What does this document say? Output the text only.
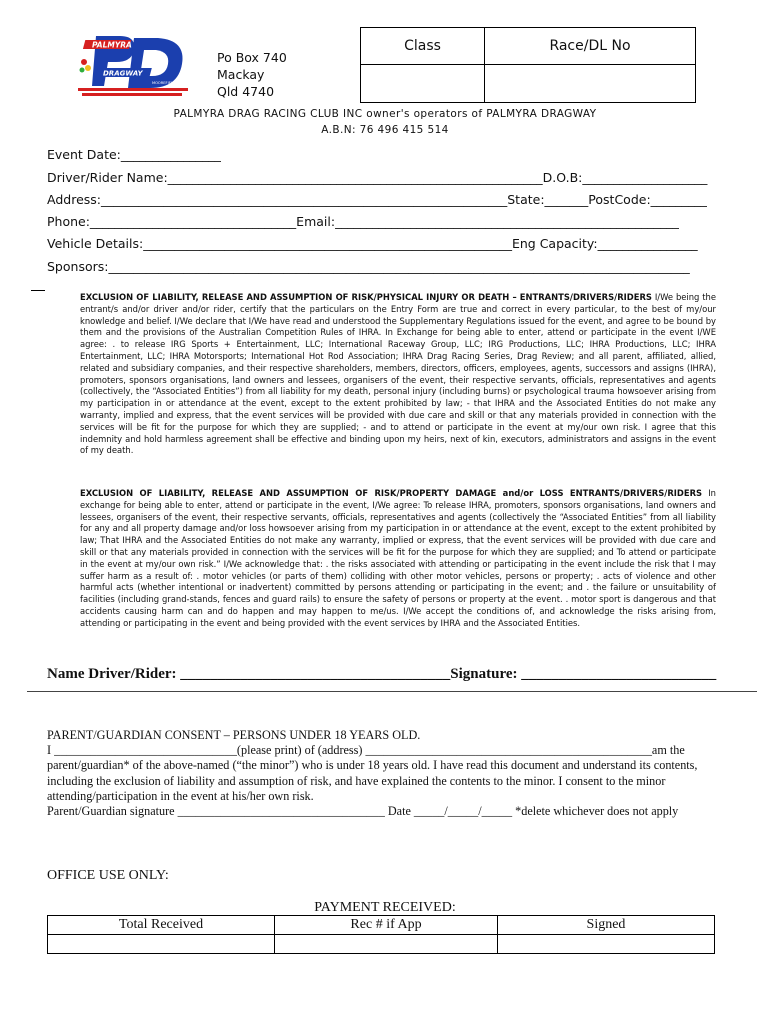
PALMYRA
DRAGWAY
MOOREFIELD
Po Box 740
Mackay
Qld 4740
Class	Race/DL No

PALMYRA DRAG RACING CLUB INC owner's operators of PALMYRA DRAGWAY
A.B.N: 76 496 415 514
Event Date:________________
Driver/Rider Name:____________________________________________________________D.O.B:____________________
Address:_________________________________________________________________State:_______PostCode:_________
Phone:_________________________________Email:_______________________________________________________
Vehicle Details:___________________________________________________________Eng Capacity:________________
Sponsors:_____________________________________________________________________________________________
EXCLUSION OF LIABILITY, RELEASE AND ASSUMPTION OF RISK/PHYSICAL INJURY OR DEATH – ENTRANTS/DRIVERS/RIDERS I/We being the entrant/s and/or driver and/or rider, certify that the particulars on the Entry Form are true and correct in every particular, to the best of my/our knowledge and belief. I/We declare that I/We have read and understood the Supplementary Regulations issued for the event, and agree to be bound by them and the provisions of the Australian Competition Rules of IHRA. In Exchange for being able to enter, attend or participate in the event I/WE agree: . to release IRG Sports + Entertainment, LLC; International Raceway Group, LLC; IRG Productions, LLC; IHRA Productions, LLC; IHRA Entertainment, LLC; IHRA Motorsports; International Hot Rod Association; IHRA Drag Racing Series, Drag Review; and all parent, affiliated, allied, related and subsidiary companies, and their respective shareholders, members, directors, officers, employees, agents, successors and assigns (IHRA), promoters, sponsors organisations, land owners and lessees, organisers of the event, their respective servants, officials, representatives and agents (collectively, the “Associated Entities”) from all liability for my death, personal injury (including burns) or psychological trauma howsoever arising from my participation in or attendance at the event, except to the extent prohibited by law; - that IHRA and the Associated Entities do not make any warranty, implied and express, that the event services will be provided with due care and skill or that any materials provided in connection with the services will be fit for the purpose for which they are supplied; - and to attend or participate in the event at my/our own risk. I agree that this indemnity and hold harmless agreement shall be effective and binding upon my heirs, next of kin, executors, administrators and assigns in the event of my death.
EXCLUSION OF LIABILITY, RELEASE AND ASSUMPTION OF RISK/PROPERTY DAMAGE and/or LOSS ENTRANTS/DRIVERS/RIDERS In exchange for being able to enter, attend or participate in the event, I/We agree: To release IHRA, promoters, sponsors organisations, land owners and lessees, organisers of the event, their respective servants, officials, representatives and agents (collectively the “Associated Entities” from all liability for any and all property damage and/or loss howsoever arising from my participation in or attendance at the event, except to the extent prohibited by law; That IHRA and the Associated Entities do not make any warranty, implied or express, that the event services will be provided with due care and skill or that any materials provided in connection with the services will be fit for the purpose for which they are supplied; and To attend or participate in the event at my/our own risk.” I/We acknowledge that: . the risks associated with attending or participating in the event include the risk that I may suffer harm as a result of: . motor vehicles (or parts of them) colliding with other motor vehicles, persons or property; . acts of violence and other harmful acts (whether intentional or inadvertent) committed by persons attending or participating in the event; and . the failure or unsuitability of facilities (including grand-stands, fences and guard rails) to ensure the safety of persons or property at the event. . motor sport is dangerous and that accidents causing harm can and do happen and may happen to me/us. I/We accept the conditions of, and acknowledge the risks arising from, attending or participating in the event and being provided with the event services by IHRA and the Associated Entities.
Name Driver/Rider: ____________________________________Signature: __________________________

PARENT/GUARDIAN CONSENT – PERSONS UNDER 18 YEARS OLD.

I ______________________________(please print) of (address) _______________________________________________am the parent/guardian* of the above-named (“the minor”) who is under 18 years old. I have read this document and understand its contents, including the exclusion of liability and assumption of risk, and have explained the contents to the minor. I consent to the minor attending/participation in the event at his/her own risk.

Parent/Guardian signature __________________________________ Date _____/_____/_____ *delete whichever does not apply

OFFICE USE ONLY:
PAYMENT RECEIVED:
Total Received	Rec # if App	Signed
